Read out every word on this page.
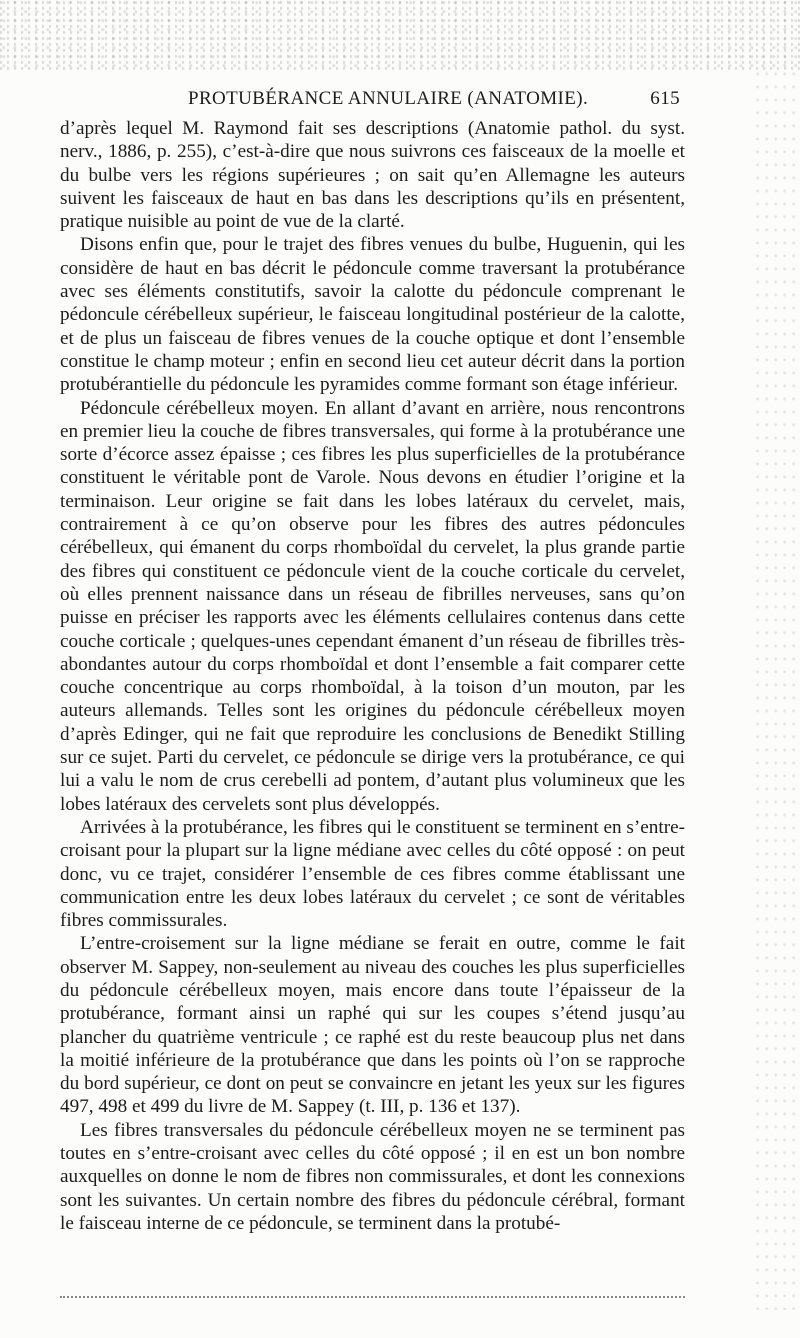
PROTUBÉRANCE ANNULAIRE (ANATOMIE).	615

d’après lequel M. Raymond fait ses descriptions (Anatomie pathol. du syst. nerv., 1886, p. 255), c’est-à-dire que nous suivrons ces faisceaux de la moelle et du bulbe vers les régions supérieures ; on sait qu’en Allemagne les auteurs suivent les faisceaux de haut en bas dans les descriptions qu’ils en présentent, pratique nuisible au point de vue de la clarté.

Disons enfin que, pour le trajet des fibres venues du bulbe, Huguenin, qui les considère de haut en bas décrit le pédoncule comme traversant la protubérance avec ses éléments constitutifs, savoir la calotte du pédoncule comprenant le pédoncule cérébelleux supérieur, le faisceau longitudinal postérieur de la calotte, et de plus un faisceau de fibres venues de la couche optique et dont l’ensemble constitue le champ moteur ; enfin en second lieu cet auteur décrit dans la portion protubérantielle du pédoncule les pyramides comme formant son étage inférieur.

Pédoncule cérébelleux moyen. En allant d’avant en arrière, nous rencontrons en premier lieu la couche de fibres transversales, qui forme à la protubérance une sorte d’écorce assez épaisse ; ces fibres les plus superficielles de la protubérance constituent le véritable pont de Varole. Nous devons en étudier l’origine et la terminaison. Leur origine se fait dans les lobes latéraux du cervelet, mais, contrairement à ce qu’on observe pour les fibres des autres pédoncules cérébelleux, qui émanent du corps rhomboïdal du cervelet, la plus grande partie des fibres qui constituent ce pédoncule vient de la couche corticale du cervelet, où elles prennent naissance dans un réseau de fibrilles nerveuses, sans qu’on puisse en préciser les rapports avec les éléments cellulaires contenus dans cette couche corticale ; quelques-unes cependant émanent d’un réseau de fibrilles très-abondantes autour du corps rhomboïdal et dont l’ensemble a fait comparer cette couche concentrique au corps rhomboïdal, à la toison d’un mouton, par les auteurs allemands. Telles sont les origines du pédoncule cérébelleux moyen d’après Edinger, qui ne fait que reproduire les conclusions de Benedikt Stilling sur ce sujet. Parti du cervelet, ce pédoncule se dirige vers la protubérance, ce qui lui a valu le nom de crus cerebelli ad pontem, d’autant plus volumineux que les lobes latéraux des cervelets sont plus développés.

Arrivées à la protubérance, les fibres qui le constituent se terminent en s’entre-croisant pour la plupart sur la ligne médiane avec celles du côté opposé : on peut donc, vu ce trajet, considérer l’ensemble de ces fibres comme établissant une communication entre les deux lobes latéraux du cervelet ; ce sont de véritables fibres commissurales.

L’entre-croisement sur la ligne médiane se ferait en outre, comme le fait observer M. Sappey, non-seulement au niveau des couches les plus superficielles du pédoncule cérébelleux moyen, mais encore dans toute l’épaisseur de la protubérance, formant ainsi un raphé qui sur les coupes s’étend jusqu’au plancher du quatrième ventricule ; ce raphé est du reste beaucoup plus net dans la moitié inférieure de la protubérance que dans les points où l’on se rapproche du bord supérieur, ce dont on peut se convaincre en jetant les yeux sur les figures 497, 498 et 499 du livre de M. Sappey (t. III, p. 136 et 137).

Les fibres transversales du pédoncule cérébelleux moyen ne se terminent pas toutes en s’entre-croisant avec celles du côté opposé ; il en est un bon nombre auxquelles on donne le nom de fibres non commissurales, et dont les connexions sont les suivantes. Un certain nombre des fibres du pédoncule cérébral, formant le faisceau interne de ce pédoncule, se terminent dans la protubé-
